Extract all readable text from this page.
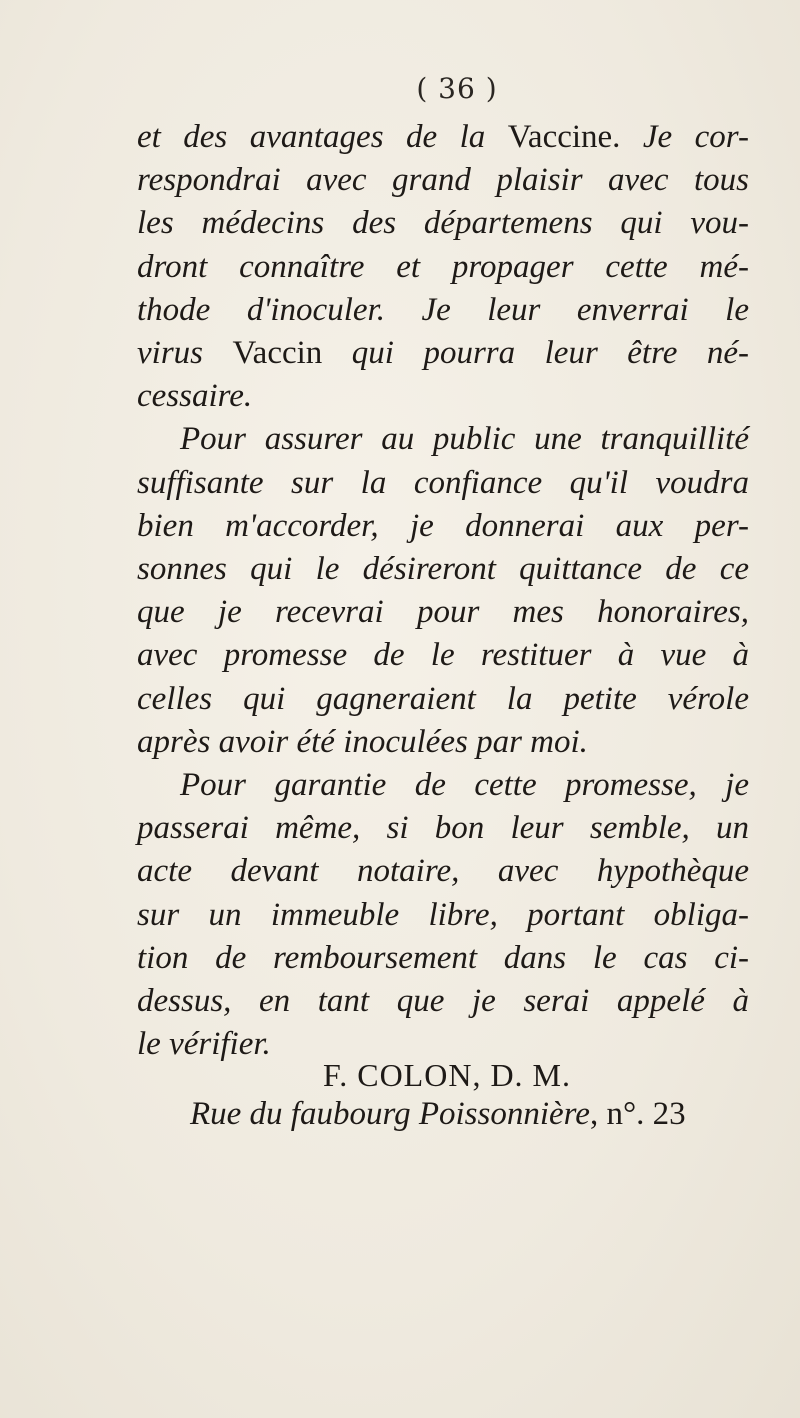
( 36 )
et des avantages de la Vaccine. Je cor-
respondrai avec grand plaisir avec tous
les médecins des départemens qui vou-
dront connaître et propager cette mé-
thode d'inoculer. Je leur enverrai le
virus Vaccin qui pourra leur être né-
cessaire.
Pour assurer au public une tranquillité
suffisante sur la confiance qu'il voudra
bien m'accorder, je donnerai aux per-
sonnes qui le désireront quittance de ce
que je recevrai pour mes honoraires,
avec promesse de le restituer à vue à
celles qui gagneraient la petite vérole
après avoir été inoculées par moi.
Pour garantie de cette promesse, je
passerai même, si bon leur semble, un
acte devant notaire, avec hypothèque
sur un immeuble libre, portant obliga-
tion de remboursement dans le cas ci-
dessus, en tant que je serai appelé à
le vérifier.
F. COLON, D. M.
Rue du faubourg Poissonnière, n°. 23
